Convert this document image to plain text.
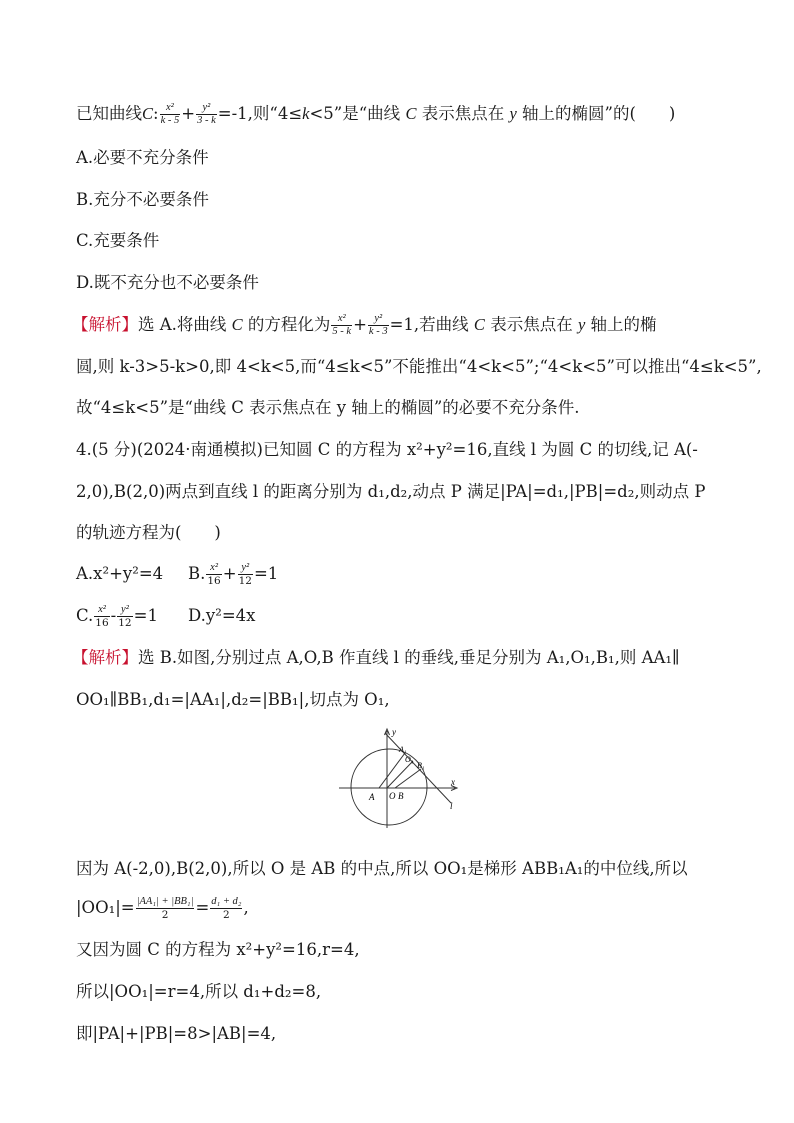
已知曲线C: $\frac{\text{x²}}{k - 5} + \frac{\text{y²}}{3 - k} =-1$,则“4≤k<5”是“曲线 C 表示焦点在 y 轴上的椭圆”的(　　)
A.必要不充分条件
B.充分不必要条件
C.充要条件
D.既不充分也不必要条件
【解析】选 A.将曲线 C 的方程化为 $\frac{\text{x²}}{5 - k} + \frac{\text{y²}}{k - 3} =1$,若曲线 C 表示焦点在 y 轴上的椭
圆,则 k-3>5-k>0,即 4<k<5,而“4≤k<5”不能推出“4<k<5”;“4<k<5”可以推出“4≤k<5”,
故“4≤k<5”是“曲线 C 表示焦点在 y 轴上的椭圆”的必要不充分条件.
4.(5 分)(2024·南通模拟)已知圆 C 的方程为 x²+y²=16,直线 l 为圆 C 的切线,记 A(-
2,0),B(2,0)两点到直线 l 的距离分别为 d₁,d₂,动点 P 满足|PA|=d₁,|PB|=d₂,则动点 P
的轨迹方程为(　　)
A.x²+y²=4 B. $\frac{\text{x²}}{16} + \frac{\text{y²}}{12} =1$
C. $\frac{\text{x²}}{16} - \frac{\text{y²}}{12} =1$ D.y²=4x
【解析】选 B.如图,分别过点 A,O,B 作直线 l 的垂线,垂足分别为 A₁,O₁,B₁,则 AA₁∥
OO₁∥BB₁,d₁=|AA₁|,d₂=|BB₁|,切点为 O₁,
y
x
A₁
O₁
B₁
A O B
l
因为 A(-2,0),B(2,0),所以 O 是 AB 的中点,所以 OO₁是梯形 ABB₁A₁的中位线,所以
$|OO_1|= \frac{\text{|AA₁| + |BB₁|}}{2} = \frac{\text{d₁ + d₂}}{2}$ ,
又因为圆 C 的方程为 x²+y²=16,r=4,
所以|OO₁|=r=4,所以 d₁+d₂=8,
即|PA|+|PB|=8>|AB|=4,
